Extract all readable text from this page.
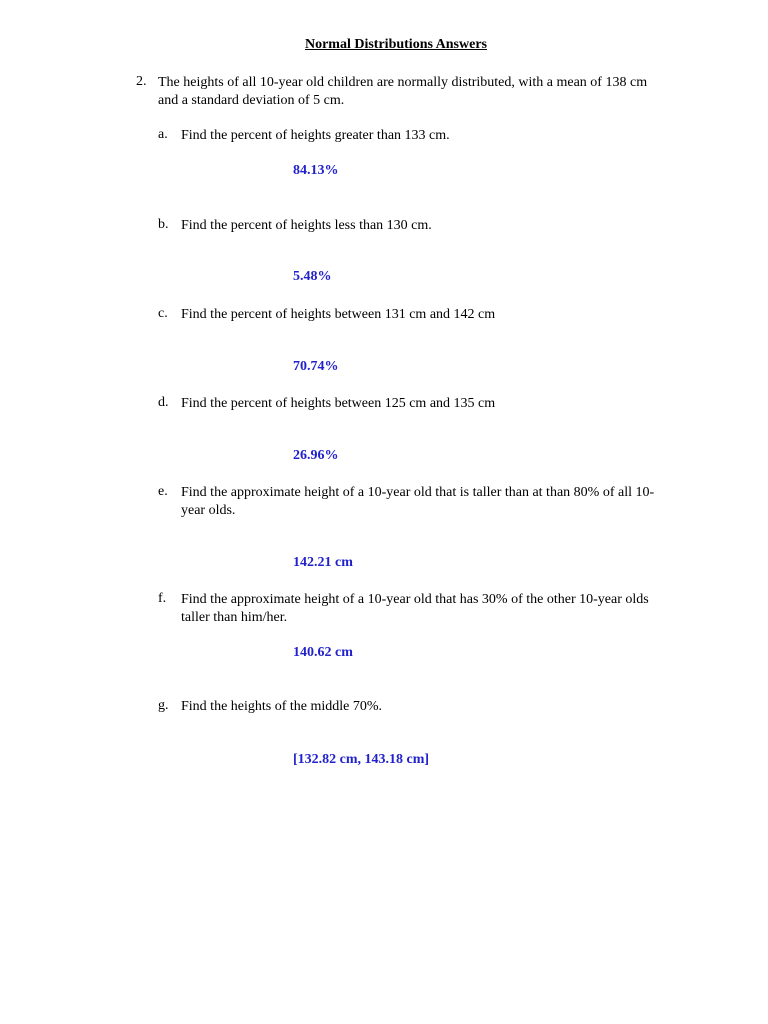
Normal Distributions Answers
2. The heights of all 10-year old children are normally distributed, with a mean of 138 cm and a standard deviation of 5 cm.
a. Find the percent of heights greater than 133 cm.
84.13%
b. Find the percent of heights less than 130 cm.
5.48%
c. Find the percent of heights between 131 cm and 142 cm
70.74%
d. Find the percent of heights between 125 cm and 135 cm
26.96%
e. Find the approximate height of a 10-year old that is taller than at than 80% of all 10-year olds.
142.21 cm
f. Find the approximate height of a 10-year old that has 30% of the other 10-year olds taller than him/her.
140.62 cm
g. Find the heights of the middle 70%.
[132.82 cm, 143.18 cm]
